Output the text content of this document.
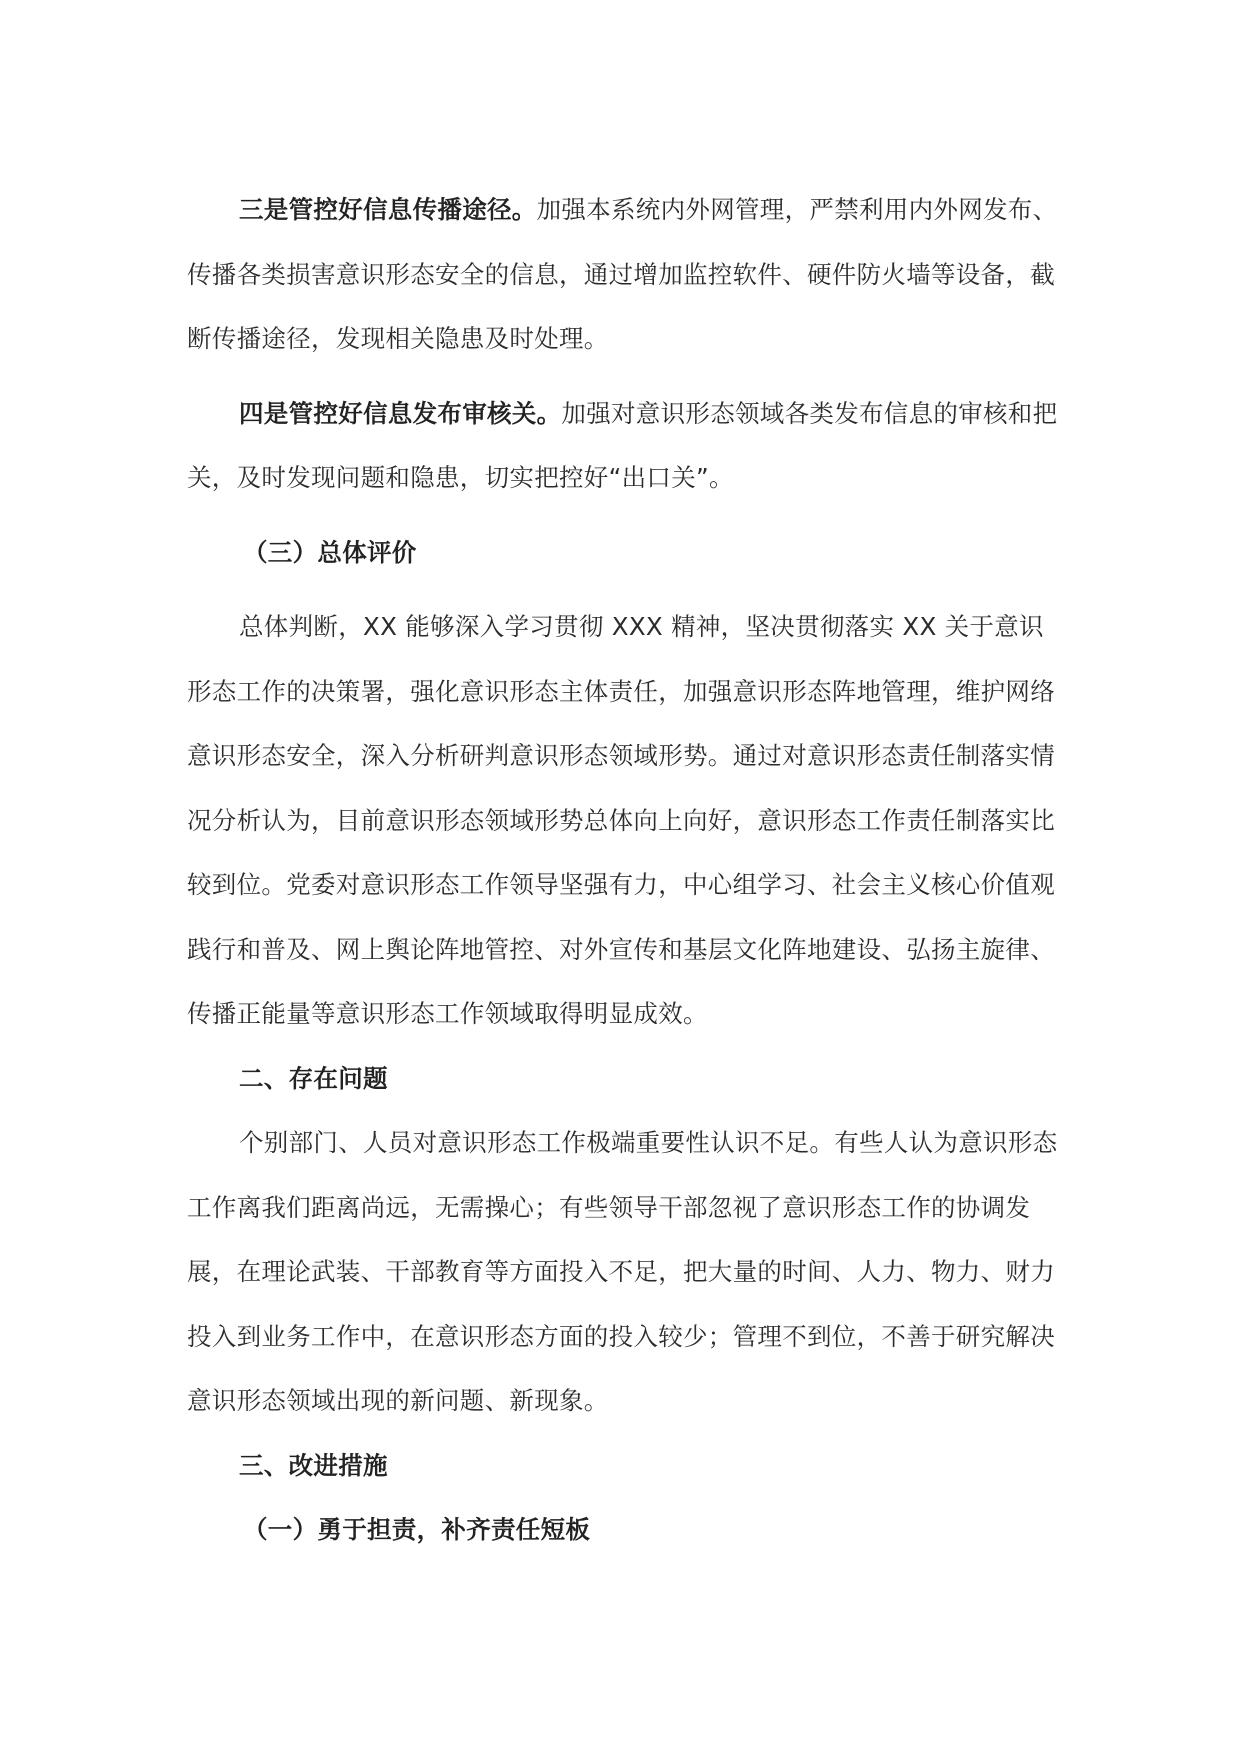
三是管控好信息传播途径。加强本系统内外网管理，严禁利用内外网发布、传播各类损害意识形态安全的信息，通过增加监控软件、硬件防火墙等设备，截断传播途径，发现相关隐患及时处理。

四是管控好信息发布审核关。加强对意识形态领域各类发布信息的审核和把关，及时发现问题和隐患，切实把控好“出口关”。

（三）总体评价

总体判断，XX 能够深入学习贯彻 XXX 精神，坚决贯彻落实 XX 关于意识形态工作的决策署，强化意识形态主体责任，加强意识形态阵地管理，维护网络意识形态安全，深入分析研判意识形态领域形势。通过对意识形态责任制落实情况分析认为，目前意识形态领域形势总体向上向好，意识形态工作责任制落实比较到位。党委对意识形态工作领导坚强有力，中心组学习、社会主义核心价值观践行和普及、网上舆论阵地管控、对外宣传和基层文化阵地建设、弘扬主旋律、传播正能量等意识形态工作领域取得明显成效。

二、存在问题

个别部门、人员对意识形态工作极端重要性认识不足。有些人认为意识形态工作离我们距离尚远，无需操心；有些领导干部忽视了意识形态工作的协调发展，在理论武装、干部教育等方面投入不足，把大量的时间、人力、物力、财力投入到业务工作中，在意识形态方面的投入较少；管理不到位，不善于研究解决意识形态领域出现的新问题、新现象。

三、改进措施

（一）勇于担责，补齐责任短板
